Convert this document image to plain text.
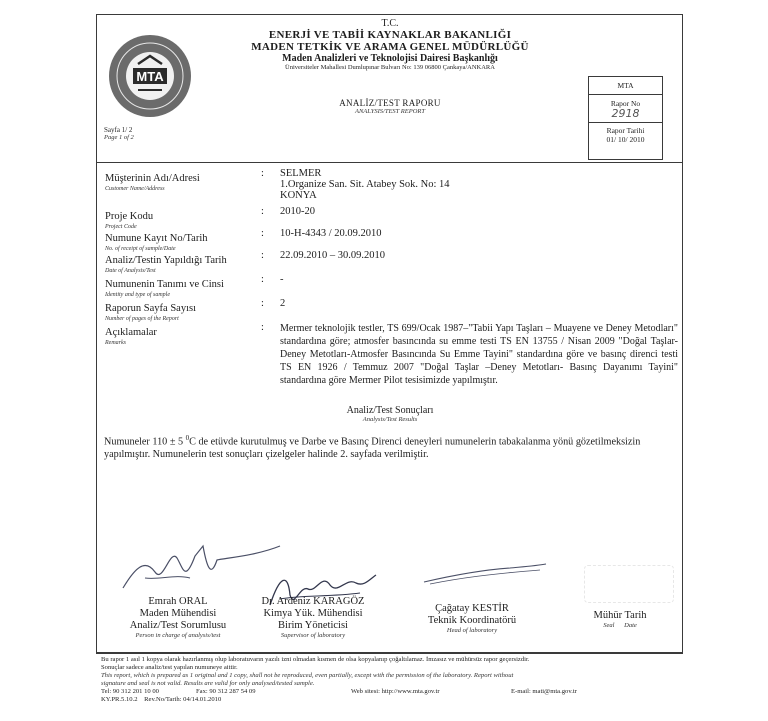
MTA
T.C.
ENERJİ VE TABİİ KAYNAKLAR BAKANLIĞI
MADEN TETKİK VE ARAMA GENEL MÜDÜRLÜĞÜ
Maden Analizleri ve Teknolojisi Dairesi Başkanlığı
Üniversiteler Mahallesi Dumlupınar Bulvarı No: 139 06800 Çankaya/ANKARA
ANALİZ/TEST RAPORU
ANALYSIS/TEST REPORT
Sayfa 1/ 2
Page 1 of 2
MTA
Rapor No
2918
Rapor Tarihi
01/ 10/ 2010
Müşterinin Adı/Adresi
Customer Name/Address
: SELMER
1.Organize San. Sit. Atabey Sok. No: 14
KONYA
Proje Kodu
Project Code
: 2010-20
Numune Kayıt No/Tarih
No. of receipt of sample/Date
: 10-H-4343 / 20.09.2010
Analiz/Testin Yapıldığı Tarih
Date of Analysis/Test
: 22.09.2010 – 30.09.2010
Numunenin Tanımı ve Cinsi
Identity and type of sample
: -
Raporun Sayfa Sayısı
Number of pages of the Report
: 2
Açıklamalar
Remarks
: Mermer teknolojik testler, TS 699/Ocak 1987–"Tabii Yapı Taşları – Muayene ve Deney Metodları" standardına göre; atmosfer basıncında su emme testi TS EN 13755 / Nisan 2009 "Doğal Taşlar- Deney Metotları-Atmosfer Basıncında Su Emme Tayini" standardına göre ve basınç direnci testi TS EN 1926 / Temmuz 2007 "Doğal Taşlar –Deney Metotları- Basınç Dayanımı Tayini" standardına göre Mermer Pilot tesisimizde yapılmıştır.
Analiz/Test Sonuçları
Analysis/Test Results
Numuneler 110 ± 5 $^0$C de etüvde kurutulmuş ve Darbe ve Basınç Direnci deneyleri numunelerin tabakalanma yönü gözetilmeksizin yapılmıştır. Numunelerin test sonuçları çizelgeler halinde 2. sayfada verilmiştir.
Emrah ORAL
Maden Mühendisi
Analiz/Test Sorumlusu
Person in charge of analysis/test
Dr. Ardeniz KARAGÖZ
Kimya Yük. Mühendisi
Birim Yöneticisi
Supervisor of laboratory
Çağatay KESTİR
Teknik Koordinatörü
Head of laboratory
Mühür Tarih
Seal      Date
Bu rapor 1 asıl 1 kopya olarak hazırlanmış olup laboratuvarın yazılı izni olmadan kısmen de olsa kopyalanıp çoğaltılamaz. İmzasız ve mühürsüz rapor geçersizdir.
Sonuçlar sadece analiz/test yapılan numuneye aittir.
This report, which is prepared as 1 original and 1 copy, shall not be reproduced, even partially, except with the permission of the laboratory. Report without
signature and seal is not valid. Results are valid for only analysed/tested sample.
Tel: 90 312 201 10 00	Fax: 90 312 287 54 09	Web sitesi: http://www.mta.gov.tr	E-mail: mati@mta.gov.tr
KY.PR.5.10.2    Rev.No/Tarih: 04/14.01.2010
